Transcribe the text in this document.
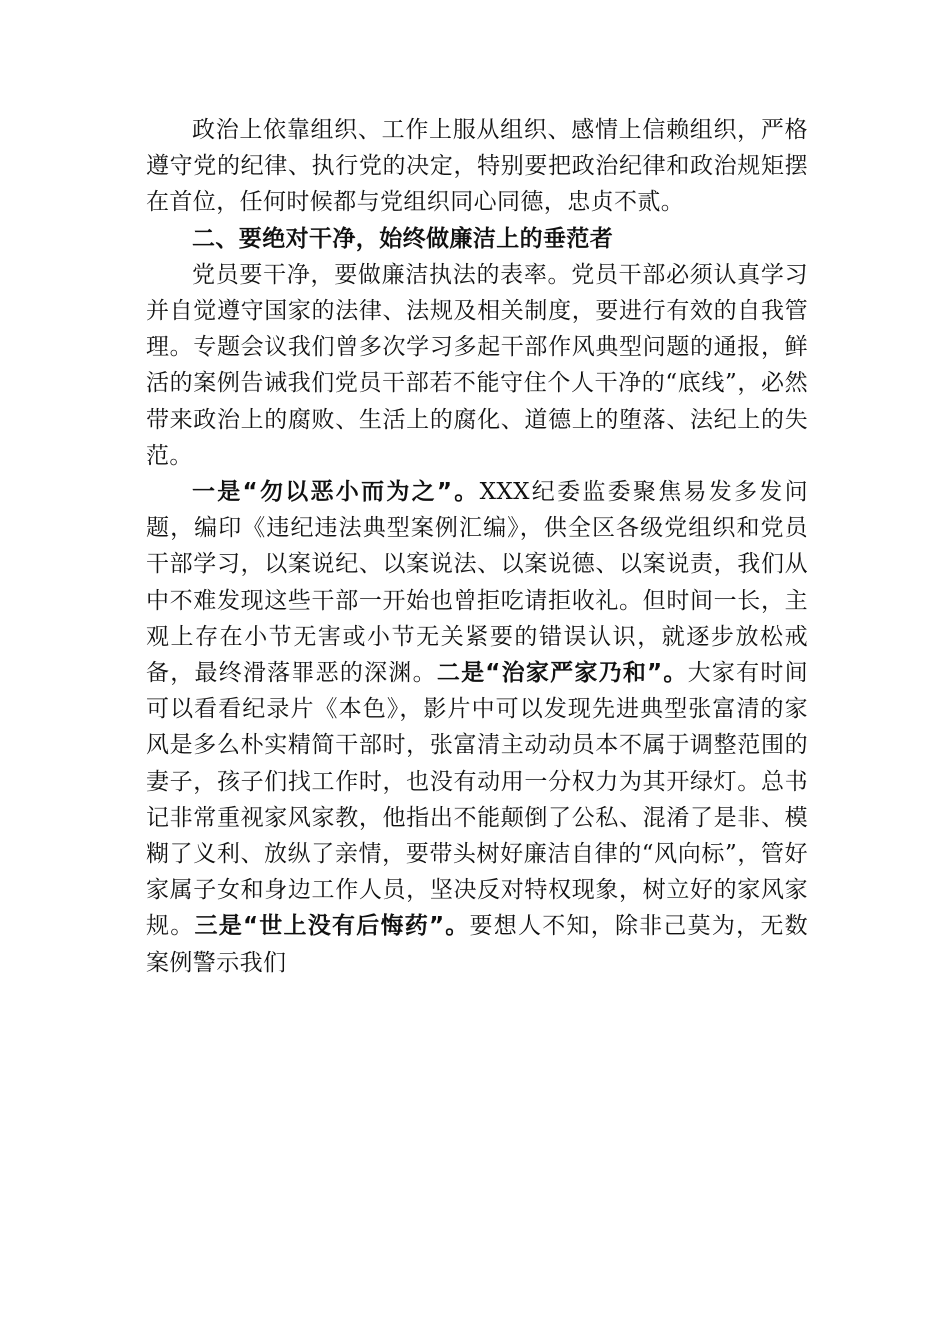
政治上依靠组织、工作上服从组织、感情上信赖组织，严格遵守党的纪律、执行党的决定，特别要把政治纪律和政治规矩摆在首位，任何时候都与党组织同心同德，忠贞不贰。

二、要绝对干净，始终做廉洁上的垂范者

党员要干净，要做廉洁执法的表率。党员干部必须认真学习并自觉遵守国家的法律、法规及相关制度，要进行有效的自我管理。专题会议我们曾多次学习多起干部作风典型问题的通报，鲜活的案例告诫我们党员干部若不能守住个人干净的“底线”，必然带来政治上的腐败、生活上的腐化、道德上的堕落、法纪上的失范。

一是“勿以恶小而为之”。XXX纪委监委聚焦易发多发问题，编印《违纪违法典型案例汇编》，供全区各级党组织和党员干部学习，以案说纪、以案说法、以案说德、以案说责，我们从中不难发现这些干部一开始也曾拒吃请拒收礼。但时间一长，主观上存在小节无害或小节无关紧要的错误认识，就逐步放松戒备，最终滑落罪恶的深渊。二是“治家严家乃和”。大家有时间可以看看纪录片《本色》，影片中可以发现先进典型张富清的家风是多么朴实精简干部时，张富清主动动员本不属于调整范围的妻子，孩子们找工作时，也没有动用一分权力为其开绿灯。总书记非常重视家风家教，他指出不能颠倒了公私、混淆了是非、模糊了义利、放纵了亲情，要带头树好廉洁自律的“风向标”，管好家属子女和身边工作人员，坚决反对特权现象，树立好的家风家规。三是“世上没有后悔药”。要想人不知，除非己莫为，无数案例警示我们
